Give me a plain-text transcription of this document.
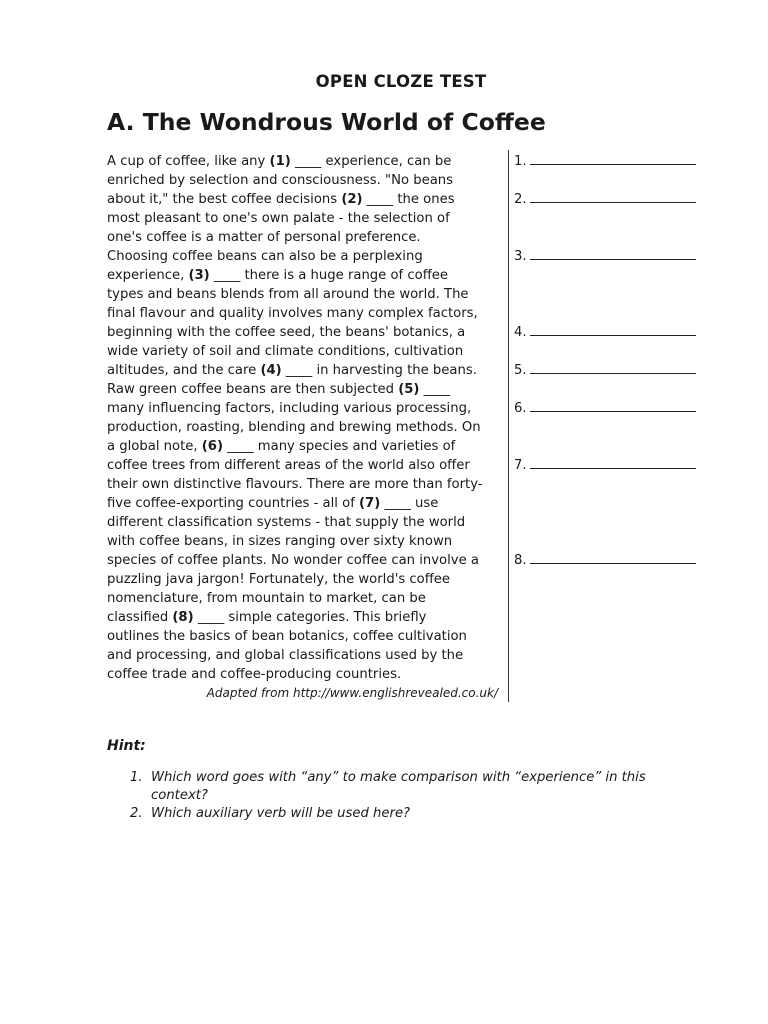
OPEN CLOZE TEST
A. The Wondrous World of Coffee
A cup of coffee, like any (1) ____ experience, can be
enriched by selection and consciousness. "No beans
about it," the best coffee decisions (2) ____ the ones
most pleasant to one's own palate - the selection of
one's coffee is a matter of personal preference.
Choosing coffee beans can also be a perplexing
experience, (3) ____ there is a huge range of coffee
types and beans blends from all around the world. The
final flavour and quality involves many complex factors,
beginning with the coffee seed, the beans' botanics, a
wide variety of soil and climate conditions, cultivation
altitudes, and the care (4) ____ in harvesting the beans.
Raw green coffee beans are then subjected (5) ____
many influencing factors, including various processing,
production, roasting, blending and brewing methods. On
a global note, (6) ____ many species and varieties of
coffee trees from different areas of the world also offer
their own distinctive flavours. There are more than forty-
five coffee-exporting countries - all of (7) ____ use
different classification systems - that supply the world
with coffee beans, in sizes ranging over sixty known
species of coffee plants. No wonder coffee can involve a
puzzling java jargon! Fortunately, the world's coffee
nomenclature, from mountain to market, can be
classified (8) ____ simple categories. This briefly
outlines the basics of bean botanics, coffee cultivation
and processing, and global classifications used by the
coffee trade and coffee-producing countries.
Adapted from http://www.englishrevealed.co.uk/
1.
2.
3.
4.
5.
6.
7.
8.
Hint:
1. Which word goes with “any” to make comparison with “experience” in this context?
2. Which auxiliary verb will be used here?
